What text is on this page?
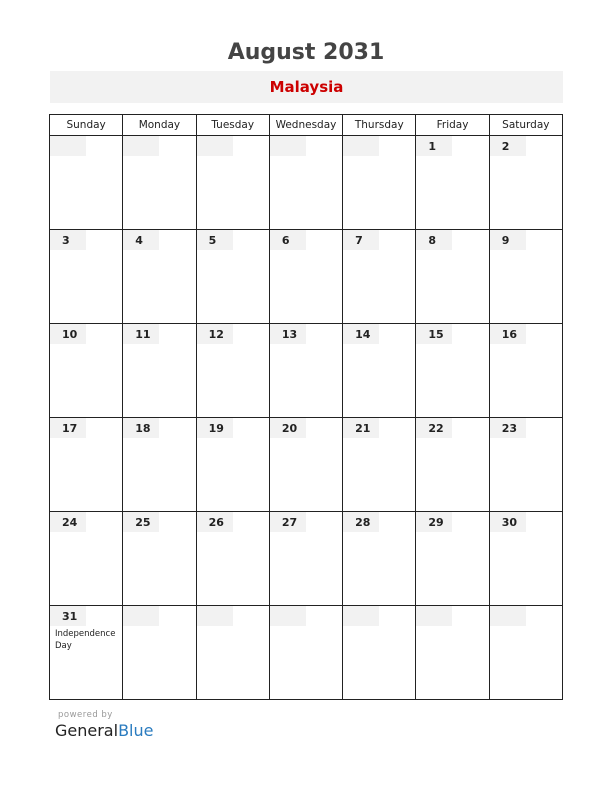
August 2031
Malaysia
Sunday	Monday	Tuesday	Wednesday	Thursday	Friday	Saturday

					1	2

3	4	5	6	7	8	9

10	11	12	13	14	15	16

17	18	19	20	21	22	23

24	25	26	27	28	29	30

31
Independence Day						

powered by
GeneralBlue
